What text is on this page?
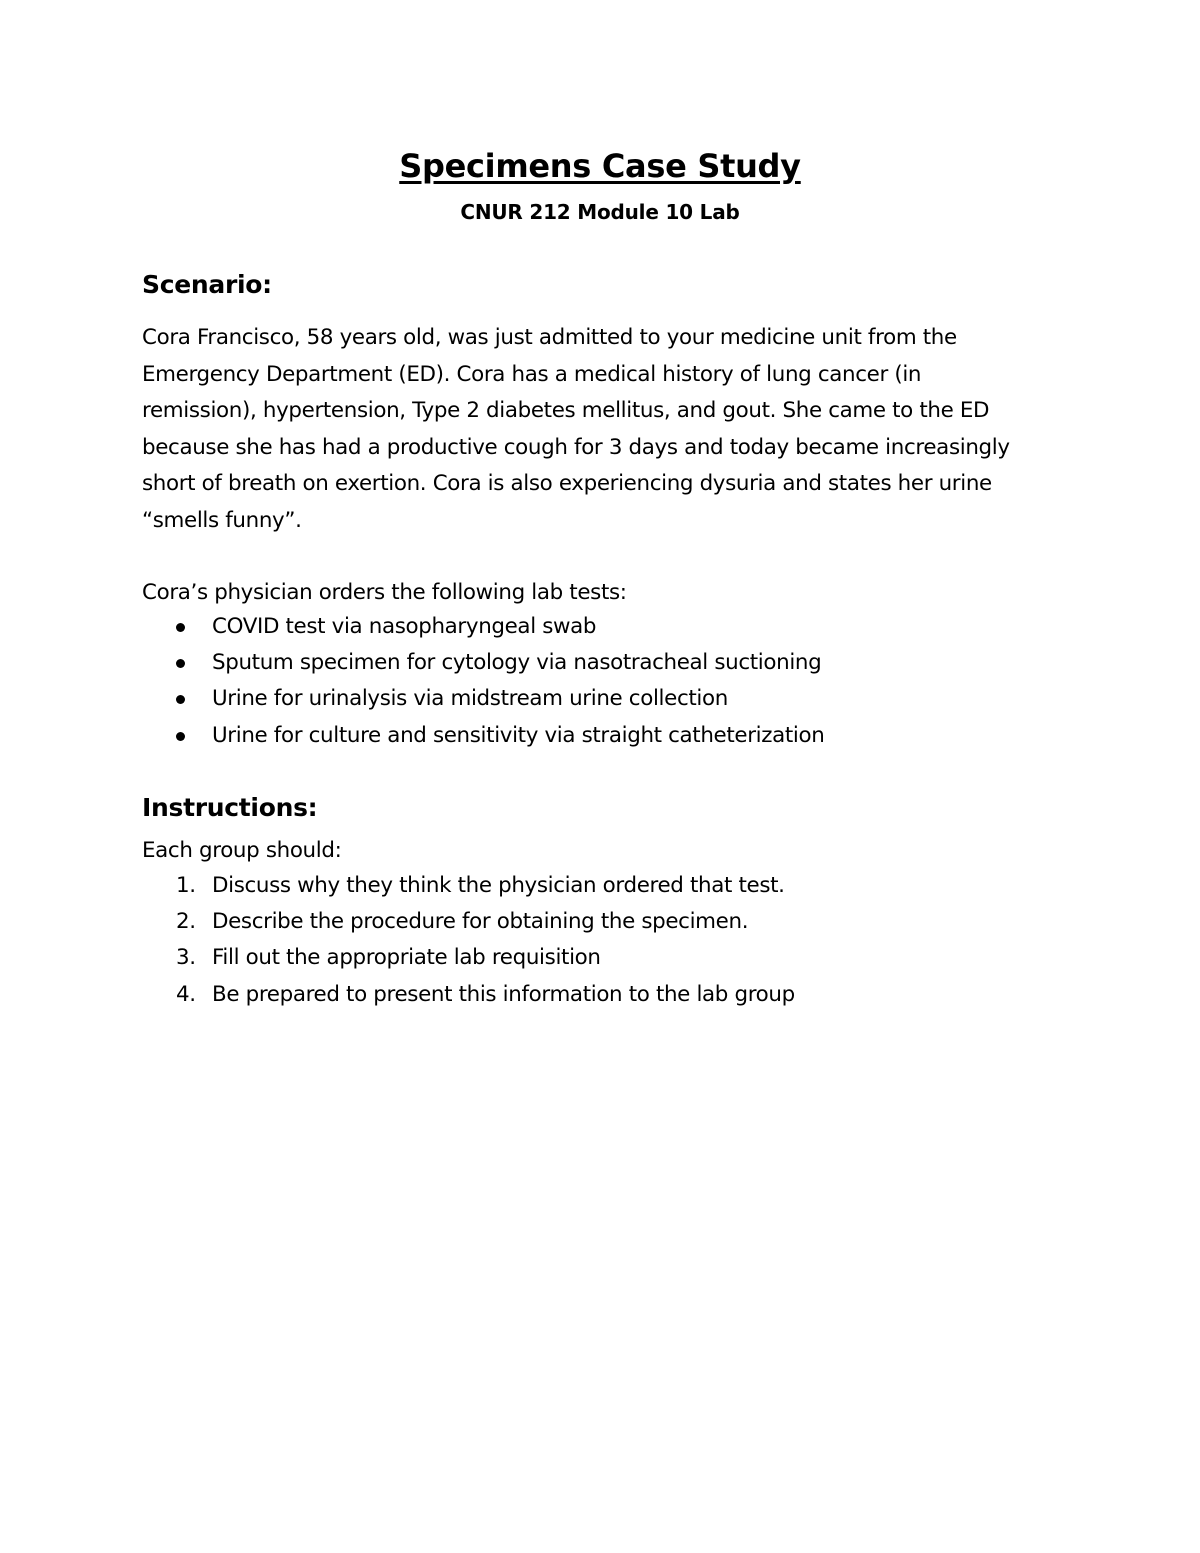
Specimens Case Study
CNUR 212 Module 10 Lab
Scenario:
Cora Francisco, 58 years old, was just admitted to your medicine unit from the
Emergency Department (ED). Cora has a medical history of lung cancer (in
remission), hypertension, Type 2 diabetes mellitus, and gout. She came to the ED
because she has had a productive cough for 3 days and today became increasingly
short of breath on exertion. Cora is also experiencing dysuria and states her urine
“smells funny”.
Cora’s physician orders the following lab tests:
COVID test via nasopharyngeal swab
Sputum specimen for cytology via nasotracheal suctioning
Urine for urinalysis via midstream urine collection
Urine for culture and sensitivity via straight catheterization
Instructions:
Each group should:
1. Discuss why they think the physician ordered that test.
2. Describe the procedure for obtaining the specimen.
3. Fill out the appropriate lab requisition
4. Be prepared to present this information to the lab group
